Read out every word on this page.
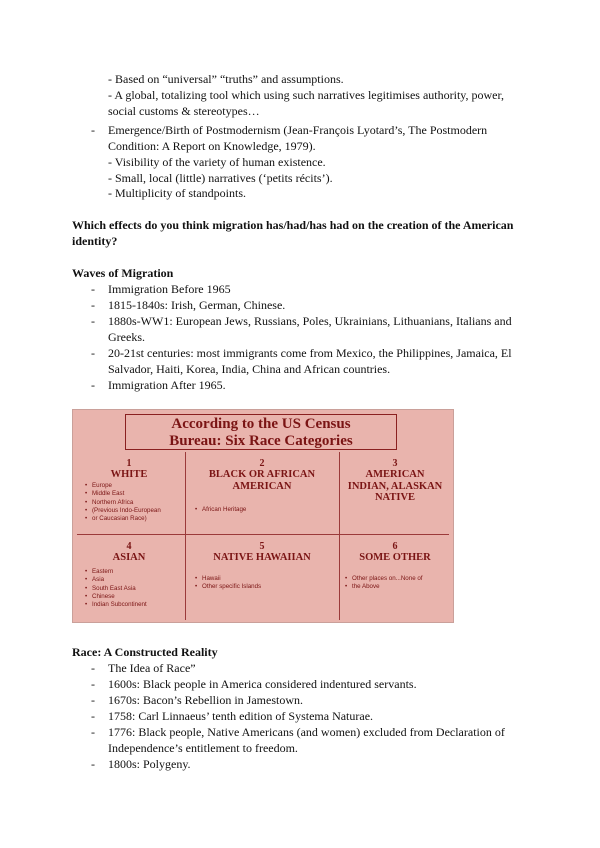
- Based on “universal” “truths” and assumptions.
- A global, totalizing tool which using such narratives legitimises authority, power,
social customs & stereotypes…
- Emergence/Birth of Postmodernism (Jean-François Lyotard’s, The Postmodern
Condition: A Report on Knowledge, 1979).
- Visibility of the variety of human existence.
- Small, local (little) narratives (‘petits récits’).
- Multiplicity of standpoints.
Which effects do you think migration has/had/has had on the creation of the American
identity?
Waves of Migration
- Immigration Before 1965
- 1815-1840s: Irish, German, Chinese.
- 1880s-WW1: European Jews, Russians, Poles, Ukrainians, Lithuanians, Italians and
Greeks.
- 20-21st centuries: most immigrants come from Mexico, the Philippines, Jamaica, El
Salvador, Haiti, Korea, India, China and African countries.
- Immigration After 1965.
According to the US Census
Bureau: Six Race Categories
1
WHITE
• Europe
• Middle East
• Northern Africa
• (Previous Indo-European
• or Caucasian Race)
2
BLACK OR AFRICAN
AMERICAN
• African Heritage
3
AMERICAN
INDIAN, ALASKAN
NATIVE
4
ASIAN
• Eastern
• Asia
• South East Asia
• Chinese
• Indian Subcontinent
5
NATIVE HAWAIIAN
• Hawaii
• Other specific Islands
6
SOME OTHER
• Other places on...None of
• the Above
Race: A Constructed Reality
- The Idea of Race”
- 1600s: Black people in America considered indentured servants.
- 1670s: Bacon’s Rebellion in Jamestown.
- 1758: Carl Linnaeus’ tenth edition of Systema Naturae.
- 1776: Black people, Native Americans (and women) excluded from Declaration of
Independence’s entitlement to freedom.
- 1800s: Polygeny.
